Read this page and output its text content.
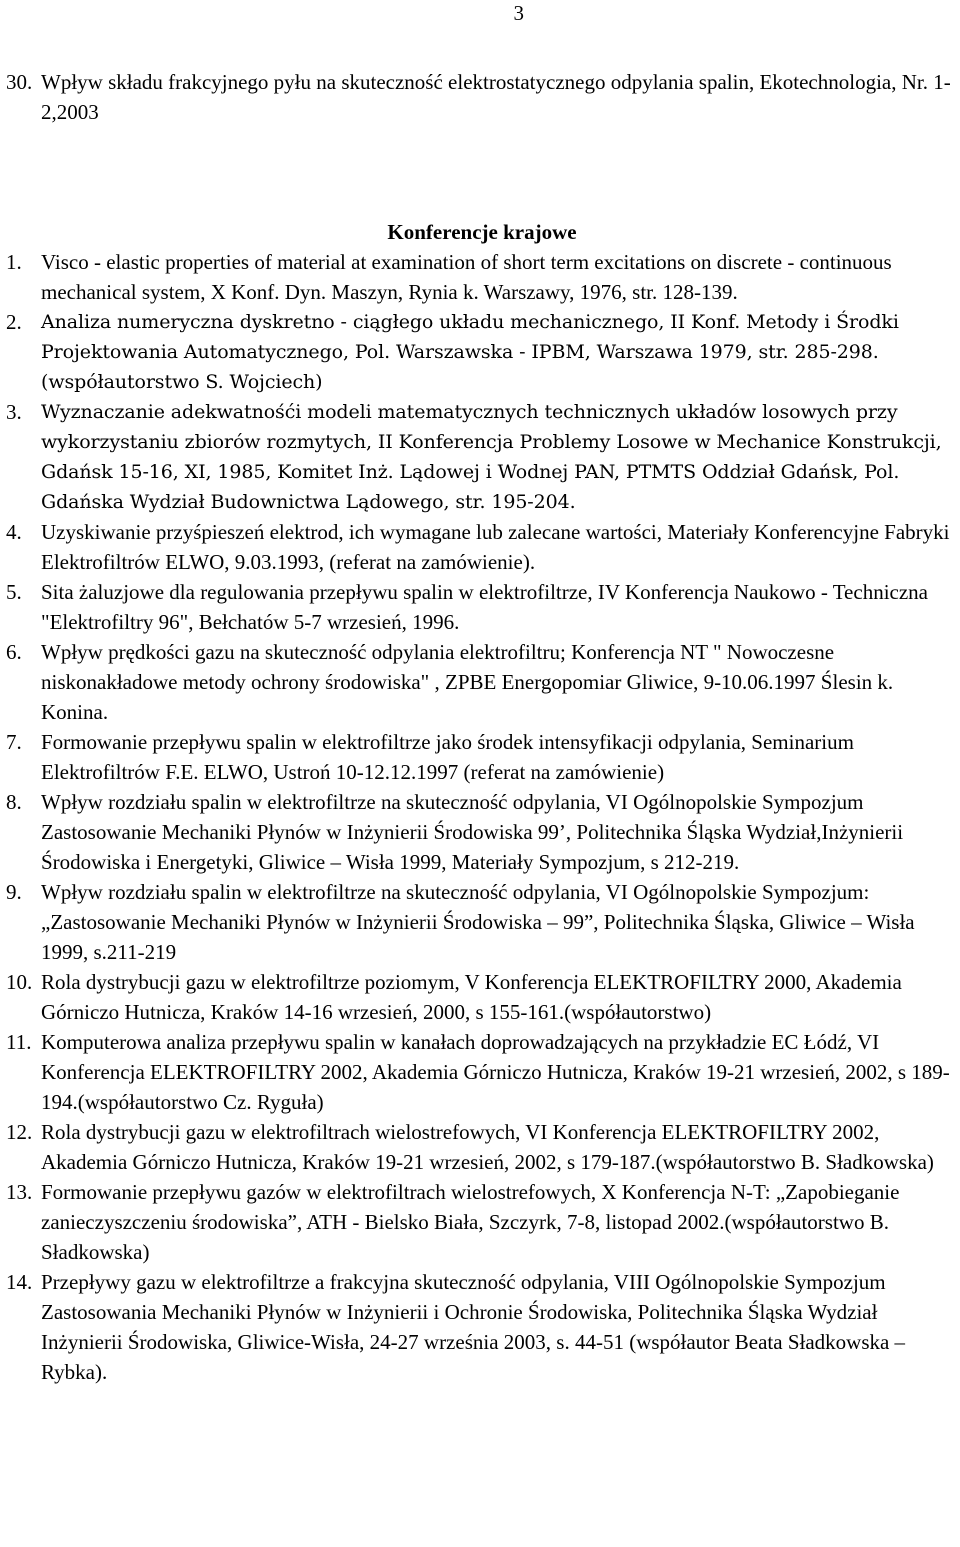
3
30. Wpływ składu frakcyjnego pyłu na skuteczność elektrostatycznego odpylania spalin, Ekotechnologia, Nr. 1-2,2003
Konferencje krajowe
1. Visco - elastic properties of material at examination of short term excitations on discrete - continuous mechanical system, X Konf. Dyn. Maszyn, Rynia k. Warszawy, 1976, str. 128-139.
2.	Analiza numeryczna dyskretno - ciągłego układu mechanicznego, II Konf. Metody i Środki Projektowania Automatycznego, Pol. Warszawska - IPBM, Warszawa 1979, str. 285-298.(współautorstwo S. Wojciech)
3.	Wyznaczanie adekwatnośći modeli matematycznych technicznych układów losowych przy wykorzystaniu zbiorów rozmytych, II Konferencja Problemy Losowe w Mechanice Konstrukcji, Gdańsk 15-16, XI, 1985, Komitet Inż. Lądowej i Wodnej PAN, PTMTS Oddział Gdańsk, Pol. Gdańska Wydział Budownictwa Lądowego, str. 195-204.
4. Uzyskiwanie przyśpieszeń elektrod, ich wymagane lub zalecane wartości, Materiały Konferencyjne Fabryki Elektrofiltrów ELWO, 9.03.1993, (referat na zamówienie).
5. Sita żaluzjowe dla regulowania przepływu spalin w elektrofiltrze, IV Konferencja Naukowo - Techniczna "Elektrofiltry 96", Bełchatów 5-7 wrzesień, 1996.
6. Wpływ prędkości gazu na skuteczność odpylania elektrofiltru; Konferencja NT " Nowoczesne niskonakładowe metody ochrony środowiska" , ZPBE Energopomiar Gliwice, 9-10.06.1997 Ślesin k. Konina.
7. Formowanie przepływu spalin w elektrofiltrze jako środek intensyfikacji odpylania, Seminarium Elektrofiltrów F.E. ELWO, Ustroń 10-12.12.1997 (referat na zamówienie)
8. Wpływ rozdziału spalin w elektrofiltrze na skuteczność odpylania, VI Ogólnopolskie Sympozjum Zastosowanie Mechaniki Płynów w Inżynierii Środowiska 99’, Politechnika Śląska Wydział,Inżynierii Środowiska i Energetyki, Gliwice – Wisła 1999, Materiały Sympozjum, s 212-219.
9. Wpływ rozdziału spalin w elektrofiltrze na skuteczność odpylania, VI Ogólnopolskie Sympozjum: „Zastosowanie Mechaniki Płynów w Inżynierii Środowiska – 99”, Politechnika Śląska, Gliwice – Wisła 1999, s.211-219
10. Rola dystrybucji gazu w elektrofiltrze poziomym, V Konferencja ELEKTROFILTRY 2000, Akademia Górniczo Hutnicza, Kraków 14-16 wrzesień, 2000, s 155-161.(współautorstwo)
11. Komputerowa analiza przepływu spalin w kanałach doprowadzających na przykładzie EC Łódź, VI Konferencja ELEKTROFILTRY 2002, Akademia Górniczo Hutnicza, Kraków 19-21 wrzesień, 2002, s 189-194.(współautorstwo Cz. Ryguła)
12. Rola dystrybucji gazu w elektrofiltrach wielostrefowych, VI Konferencja ELEKTROFILTRY 2002, Akademia Górniczo Hutnicza, Kraków 19-21 wrzesień, 2002, s 179-187.(współautorstwo B. Sładkowska)
13. Formowanie przepływu gazów w elektrofiltrach wielostrefowych, X Konferencja N-T: „Zapobieganie zanieczyszczeniu środowiska”, ATH - Bielsko Biała, Szczyrk, 7-8, listopad 2002.(współautorstwo B. Sładkowska)
14. Przepływy gazu w elektrofiltrze a frakcyjna skuteczność odpylania, VIII Ogólnopolskie Sympozjum Zastosowania Mechaniki Płynów w Inżynierii i Ochronie Środowiska, Politechnika Śląska Wydział Inżynierii Środowiska, Gliwice-Wisła, 24-27 września 2003, s. 44-51 (współautor Beata Sładkowska – Rybka).
